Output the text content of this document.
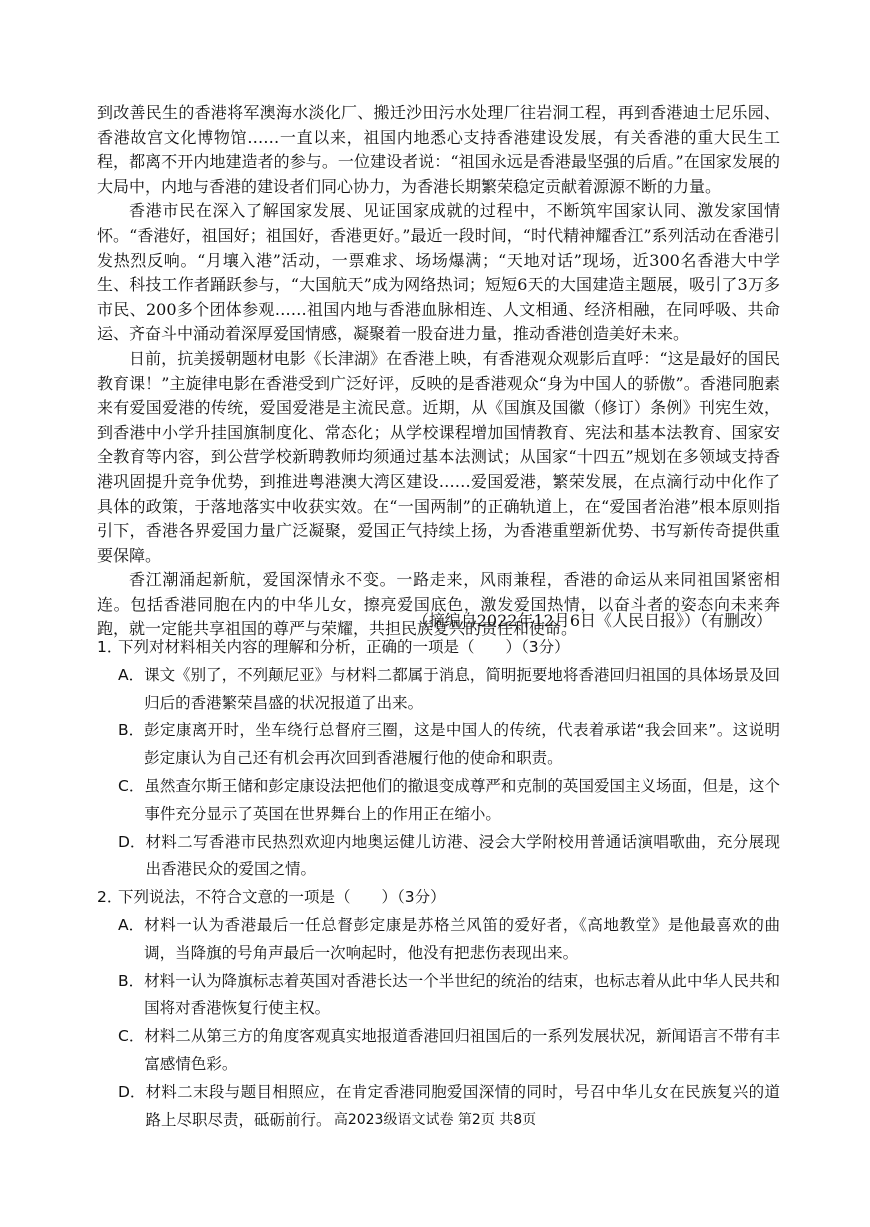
到改善民生的香港将军澳海水淡化厂、搬迁沙田污水处理厂往岩洞工程，再到香港迪士尼乐园、香港故宫文化博物馆……一直以来，祖国内地悉心支持香港建设发展，有关香港的重大民生工程，都离不开内地建造者的参与。一位建设者说：“祖国永远是香港最坚强的后盾。”在国家发展的大局中，内地与香港的建设者们同心协力，为香港长期繁荣稳定贡献着源源不断的力量。

香港市民在深入了解国家发展、见证国家成就的过程中，不断筑牢国家认同、激发家国情怀。“香港好，祖国好；祖国好，香港更好。”最近一段时间，“时代精神耀香江”系列活动在香港引发热烈反响。“月壤入港”活动，一票难求、场场爆满；“天地对话”现场，近300名香港大中学生、科技工作者踊跃参与，“大国航天”成为网络热词；短短6天的大国建造主题展，吸引了3万多市民、200多个团体参观……祖国内地与香港血脉相连、人文相通、经济相融，在同呼吸、共命运、齐奋斗中涌动着深厚爱国情感，凝聚着一股奋进力量，推动香港创造美好未来。

日前，抗美援朝题材电影《长津湖》在香港上映，有香港观众观影后直呼：“这是最好的国民教育课！”主旋律电影在香港受到广泛好评，反映的是香港观众“身为中国人的骄傲”。香港同胞素来有爱国爱港的传统，爱国爱港是主流民意。近期，从《国旗及国徽（修订）条例》刊宪生效，到香港中小学升挂国旗制度化、常态化；从学校课程增加国情教育、宪法和基本法教育、国家安全教育等内容，到公营学校新聘教师均须通过基本法测试；从国家“十四五”规划在多领域支持香港巩固提升竞争优势，到推进粤港澳大湾区建设……爱国爱港，繁荣发展，在点滴行动中化作了具体的政策，于落地落实中收获实效。在“一国两制”的正确轨道上，在“爱国者治港”根本原则指引下，香港各界爱国力量广泛凝聚，爱国正气持续上扬，为香港重塑新优势、书写新传奇提供重要保障。

香江潮涌起新航，爱国深情永不变。一路走来，风雨兼程，香港的命运从来同祖国紧密相连。包括香港同胞在内的中华儿女，擦亮爱国底色，激发爱国热情，以奋斗者的姿态向未来奔跑，就一定能共享祖国的尊严与荣耀，共担民族复兴的责任和使命。

（摘编自2022年12月6日《人民日报》）（有删改）
1．下列对材料相关内容的理解和分析，正确的一项是（　　）（3分）
A． 课文《别了，不列颠尼亚》与材料二都属于消息，简明扼要地将香港回归祖国的具体场景及回归后的香港繁荣昌盛的状况报道了出来。
B． 彭定康离开时，坐车绕行总督府三圈，这是中国人的传统，代表着承诺“我会回来”。这说明彭定康认为自己还有机会再次回到香港履行他的使命和职责。
C． 虽然查尔斯王储和彭定康设法把他们的撤退变成尊严和克制的英国爱国主义场面，但是，这个事件充分显示了英国在世界舞台上的作用正在缩小。
D． 材料二写香港市民热烈欢迎内地奥运健儿访港、浸会大学附校用普通话演唱歌曲，充分展现出香港民众的爱国之情。
2．下列说法，不符合文意的一项是（　　）（3分）
A． 材料一认为香港最后一任总督彭定康是苏格兰风笛的爱好者，《高地教堂》是他最喜欢的曲调，当降旗的号角声最后一次响起时，他没有把悲伤表现出来。
B． 材料一认为降旗标志着英国对香港长达一个半世纪的统治的结束，也标志着从此中华人民共和国将对香港恢复行使主权。
C． 材料二从第三方的角度客观真实地报道香港回归祖国后的一系列发展状况，新闻语言不带有丰富感情色彩。
D． 材料二末段与题目相照应，在肯定香港同胞爱国深情的同时，号召中华儿女在民族复兴的道路上尽职尽责，砥砺前行。 高2023级语文试卷 第2页 共8页
